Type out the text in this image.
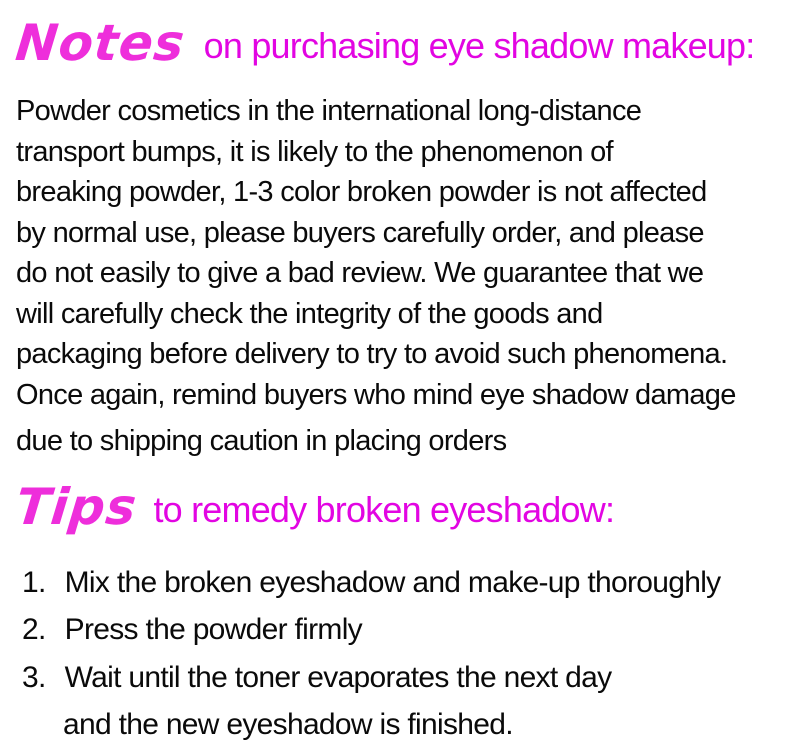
Notes on purchasing eye shadow makeup:
Powder cosmetics in the international long-distance
transport bumps, it is likely to the phenomenon of
breaking powder, 1-3 color broken powder is not affected
by normal use, please buyers carefully order, and please
do not easily to give a bad review. We guarantee that we
will carefully check the integrity of the goods and
packaging before delivery to try to avoid such phenomena.
Once again, remind buyers who mind eye shadow damage
due to shipping caution in placing orders
Tips to remedy broken eyeshadow:
1. Mix the broken eyeshadow and make-up thoroughly
2. Press the powder firmly
3. Wait until the toner evaporates the next day
and the new eyeshadow is finished.
